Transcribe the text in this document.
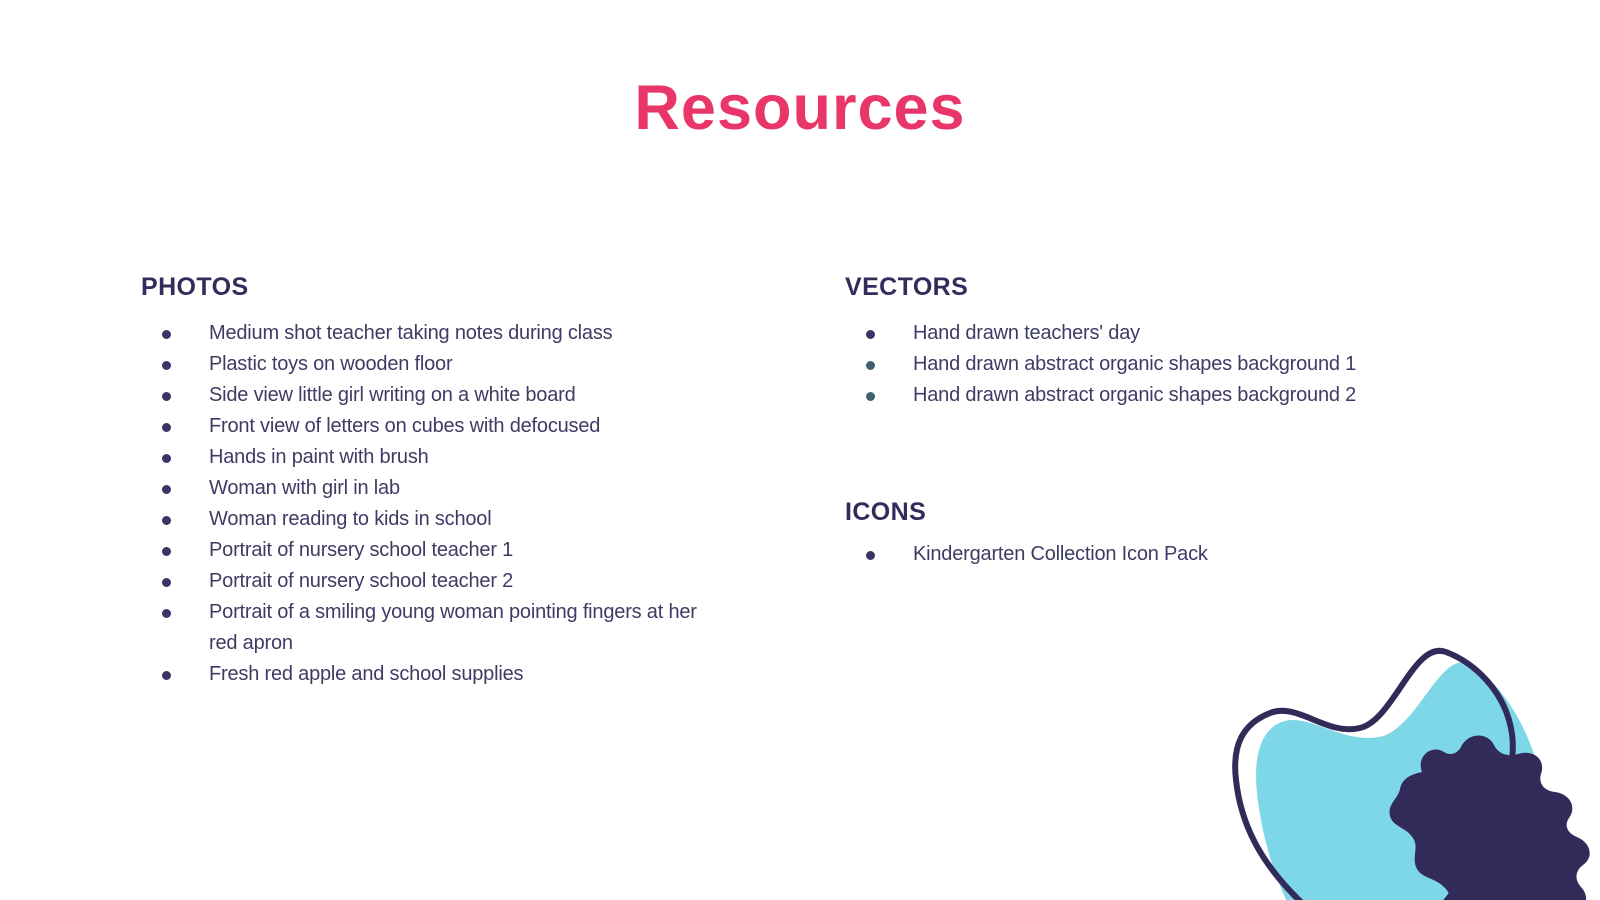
Resources
PHOTOS
Medium shot teacher taking notes during class
Plastic toys on wooden floor
Side view little girl writing on a white board
Front view of letters on cubes with defocused
Hands in paint with brush
Woman with girl in lab
Woman reading to kids in school
Portrait of nursery school teacher 1
Portrait of nursery school teacher 2
Portrait of a smiling young woman pointing fingers at her red apron
Fresh red apple and school supplies
VECTORS
Hand drawn teachers' day
Hand drawn abstract organic shapes background 1
Hand drawn abstract organic shapes background 2
ICONS
Kindergarten Collection Icon Pack
